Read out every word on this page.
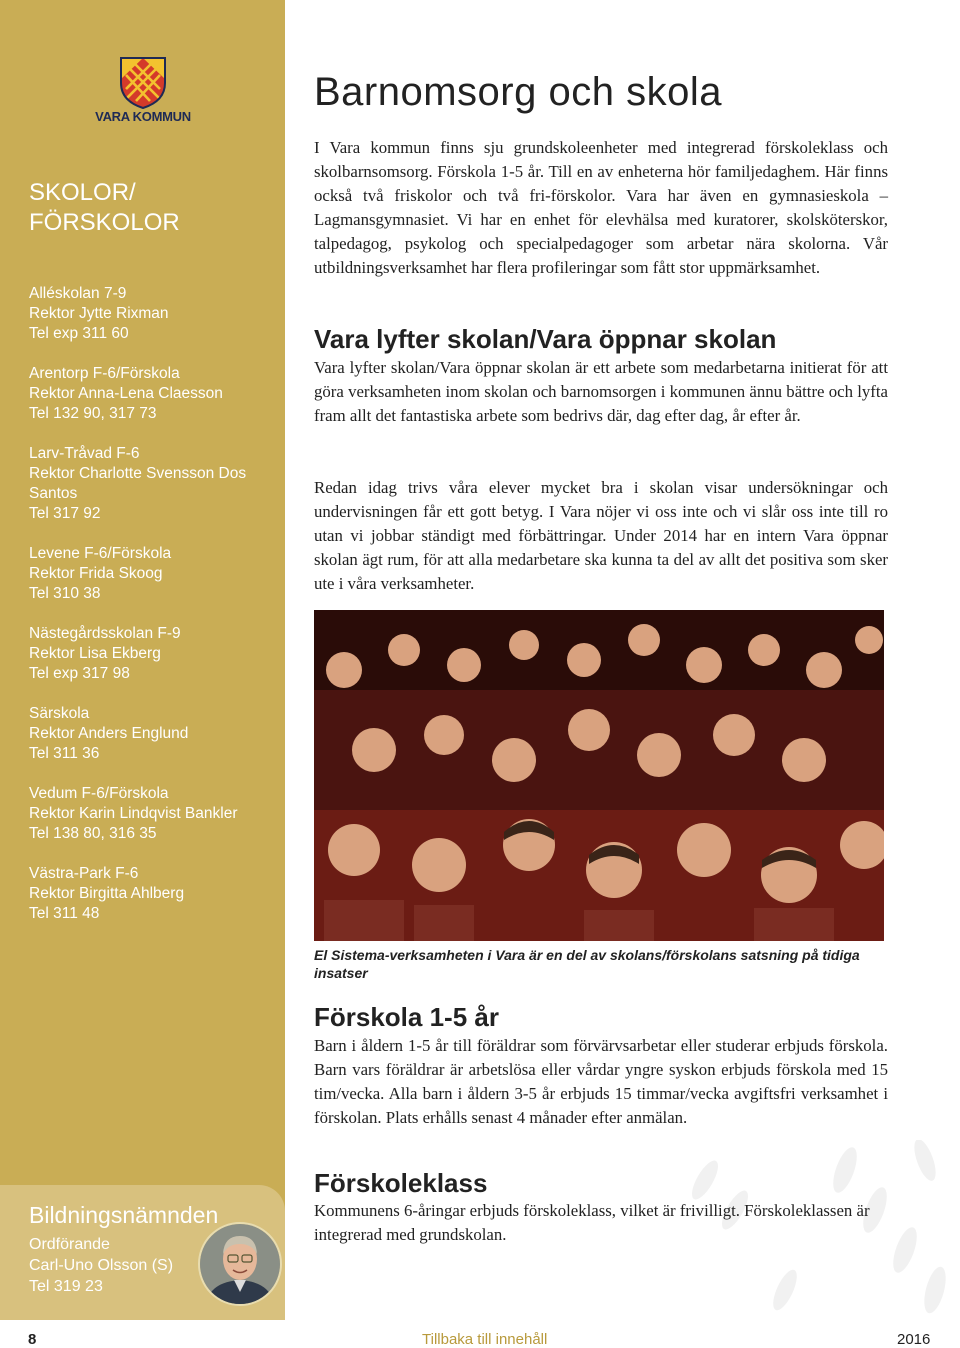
VARA KOMMUN
SKOLOR/
FÖRSKOLOR
Alléskolan 7-9
Rektor Jytte Rixman
Tel exp 311 60
Arentorp F-6/Förskola
Rektor Anna-Lena Claesson
Tel 132 90, 317 73
Larv-Tråvad F-6
Rektor Charlotte Svensson Dos Santos
Tel 317 92
Levene F-6/Förskola
Rektor Frida Skoog
Tel 310 38
Nästegårdsskolan F-9
Rektor Lisa Ekberg
Tel exp 317 98
Särskola
Rektor Anders Englund
Tel 311 36
Vedum F-6/Förskola
Rektor Karin Lindqvist Bankler
Tel 138 80, 316 35
Västra-Park F-6
Rektor Birgitta Ahlberg
Tel 311 48
Bildningsnämnden
Ordförande
Carl-Uno Olsson (S)
Tel 319 23
Barnomsorg och skola

I Vara kommun finns sju grundskoleenheter med integrerad förskoleklass och skolbarnsomsorg. Förskola 1-5 år. Till en av enheterna hör familjedaghem. Här finns också två friskolor och två fri-förskolor. Vara har även en gymnasieskola – Lagmansgymnasiet. Vi har en enhet för elevhälsa med kuratorer, skolsköterskor, talpedagog, psykolog och specialpedagoger som arbetar nära skolorna. Vår utbildningsverksamhet har flera profileringar som fått stor uppmärksamhet.

Vara lyfter skolan/Vara öppnar skolan

Vara lyfter skolan/Vara öppnar skolan är ett arbete som medarbetarna initierat för att göra verksamheten inom skolan och barnomsorgen i kommunen ännu bättre och lyfta fram allt det fantastiska arbete som bedrivs där, dag efter dag, år efter år.

Redan idag trivs våra elever mycket bra i skolan visar undersökningar och undervisningen får ett gott betyg. I Vara nöjer vi oss inte och vi slår oss inte till ro utan vi jobbar ständigt med förbättringar. Under 2014 har en intern Vara öppnar skolan ägt rum, för att alla medarbetare ska kunna ta del av allt det positiva som sker ute i våra verksamheter.

El Sistema-verksamheten i Vara är en del av skolans/förskolans satsning på tidiga insatser
Förskola 1-5 år

Barn i åldern 1-5 år till föräldrar som förvärvsarbetar eller studerar erbjuds förskola. Barn vars föräldrar är arbetslösa eller vårdar yngre syskon erbjuds förskola med 15 tim/vecka. Alla barn i åldern 3-5 år erbjuds 15 timmar/vecka avgiftsfri verksamhet i förskolan. Plats erhålls senast 4 månader efter anmälan.

Förskoleklass

Kommunens 6-åringar erbjuds förskoleklass, vilket är frivilligt. Förskoleklassen är integrerad med grundskolan.

8	Tillbaka till innehåll	2016
